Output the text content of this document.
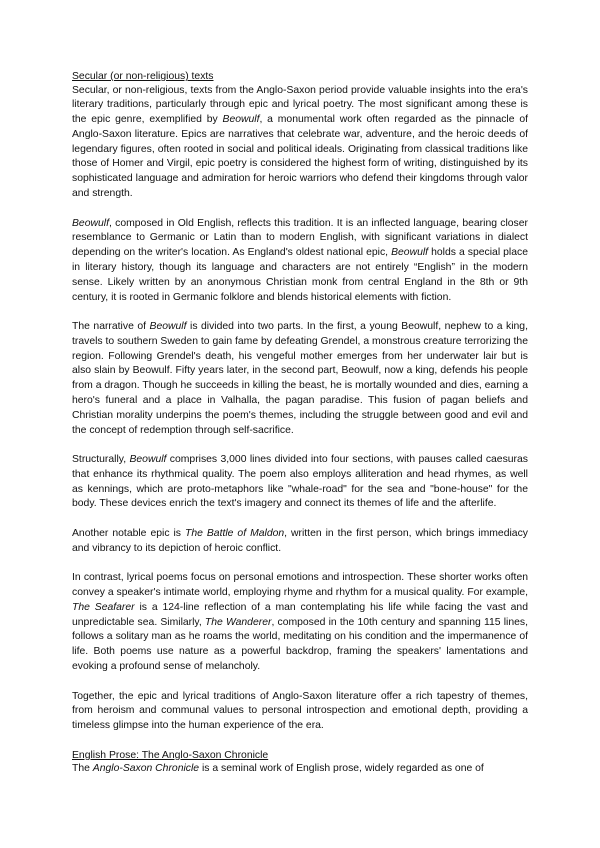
Secular (or non-religious) texts

Secular, or non-religious, texts from the Anglo-Saxon period provide valuable insights into the era's literary traditions, particularly through epic and lyrical poetry. The most significant among these is the epic genre, exemplified by Beowulf, a monumental work often regarded as the pinnacle of Anglo-Saxon literature. Epics are narratives that celebrate war, adventure, and the heroic deeds of legendary figures, often rooted in social and political ideals. Originating from classical traditions like those of Homer and Virgil, epic poetry is considered the highest form of writing, distinguished by its sophisticated language and admiration for heroic warriors who defend their kingdoms through valor and strength.

Beowulf, composed in Old English, reflects this tradition. It is an inflected language, bearing closer resemblance to Germanic or Latin than to modern English, with significant variations in dialect depending on the writer's location. As England's oldest national epic, Beowulf holds a special place in literary history, though its language and characters are not entirely “English” in the modern sense. Likely written by an anonymous Christian monk from central England in the 8th or 9th century, it is rooted in Germanic folklore and blends historical elements with fiction.

The narrative of Beowulf is divided into two parts. In the first, a young Beowulf, nephew to a king, travels to southern Sweden to gain fame by defeating Grendel, a monstrous creature terrorizing the region. Following Grendel's death, his vengeful mother emerges from her underwater lair but is also slain by Beowulf. Fifty years later, in the second part, Beowulf, now a king, defends his people from a dragon. Though he succeeds in killing the beast, he is mortally wounded and dies, earning a hero's funeral and a place in Valhalla, the pagan paradise. This fusion of pagan beliefs and Christian morality underpins the poem's themes, including the struggle between good and evil and the concept of redemption through self-sacrifice.

Structurally, Beowulf comprises 3,000 lines divided into four sections, with pauses called caesuras that enhance its rhythmical quality. The poem also employs alliteration and head rhymes, as well as kennings, which are proto-metaphors like "whale-road" for the sea and "bone-house" for the body. These devices enrich the text's imagery and connect its themes of life and the afterlife.

Another notable epic is The Battle of Maldon, written in the first person, which brings immediacy and vibrancy to its depiction of heroic conflict.

In contrast, lyrical poems focus on personal emotions and introspection. These shorter works often convey a speaker's intimate world, employing rhyme and rhythm for a musical quality. For example, The Seafarer is a 124-line reflection of a man contemplating his life while facing the vast and unpredictable sea. Similarly, The Wanderer, composed in the 10th century and spanning 115 lines, follows a solitary man as he roams the world, meditating on his condition and the impermanence of life. Both poems use nature as a powerful backdrop, framing the speakers' lamentations and evoking a profound sense of melancholy.

Together, the epic and lyrical traditions of Anglo-Saxon literature offer a rich tapestry of themes, from heroism and communal values to personal introspection and emotional depth, providing a timeless glimpse into the human experience of the era.

English Prose: The Anglo-Saxon Chronicle

The Anglo-Saxon Chronicle is a seminal work of English prose, widely regarded as one of
